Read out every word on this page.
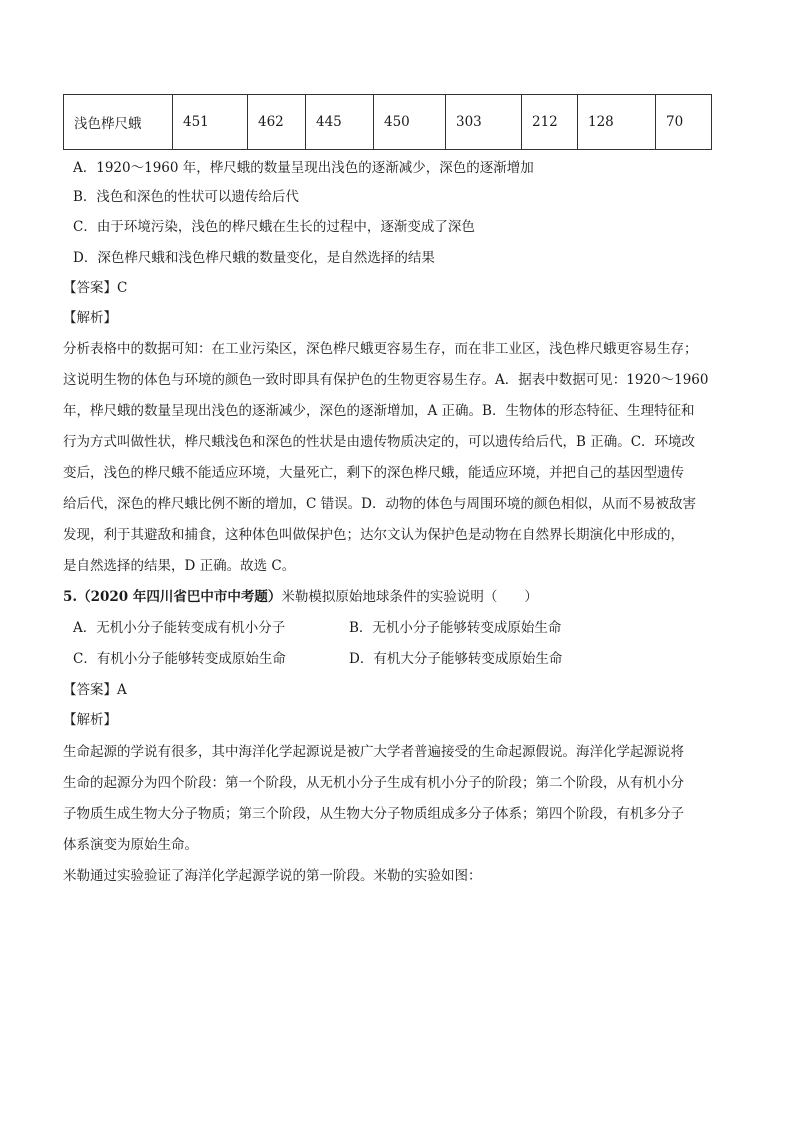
浅色桦尺蛾	451	462	445	450	303	212	128	70
A．1920～1960 年，桦尺蛾的数量呈现出浅色的逐渐减少，深色的逐渐增加
B．浅色和深色的性状可以遗传给后代
C．由于环境污染，浅色的桦尺蛾在生长的过程中，逐渐变成了深色
D．深色桦尺蛾和浅色桦尺蛾的数量变化，是自然选择的结果
【答案】C
【解析】
分析表格中的数据可知：在工业污染区，深色桦尺蛾更容易生存，而在非工业区，浅色桦尺蛾更容易生存；
这说明生物的体色与环境的颜色一致时即具有保护色的生物更容易生存。A．据表中数据可见：1920～1960
年，桦尺蛾的数量呈现出浅色的逐渐减少，深色的逐渐增加，A 正确。B．生物体的形态特征、生理特征和
行为方式叫做性状，桦尺蛾浅色和深色的性状是由遗传物质决定的，可以遗传给后代，B 正确。C．环境改
变后，浅色的桦尺蛾不能适应环境，大量死亡，剩下的深色桦尺蛾，能适应环境，并把自己的基因型遗传
给后代，深色的桦尺蛾比例不断的增加，C 错误。D．动物的体色与周围环境的颜色相似，从而不易被敌害
发现，利于其避敌和捕食，这种体色叫做保护色；达尔文认为保护色是动物在自然界长期演化中形成的，
是自然选择的结果，D 正确。故选 C。
5.（2020 年四川省巴中市中考题）米勒模拟原始地球条件的实验说明（　　）
A．无机小分子能转变成有机小分子	B．无机小分子能够转变成原始生命
C．有机小分子能够转变成原始生命	D．有机大分子能够转变成原始生命
【答案】A
【解析】
生命起源的学说有很多，其中海洋化学起源说是被广大学者普遍接受的生命起源假说。海洋化学起源说将
生命的起源分为四个阶段：第一个阶段，从无机小分子生成有机小分子的阶段；第二个阶段，从有机小分
子物质生成生物大分子物质；第三个阶段，从生物大分子物质组成多分子体系；第四个阶段，有机多分子
体系演变为原始生命。
米勒通过实验验证了海洋化学起源学说的第一阶段。米勒的实验如图：
